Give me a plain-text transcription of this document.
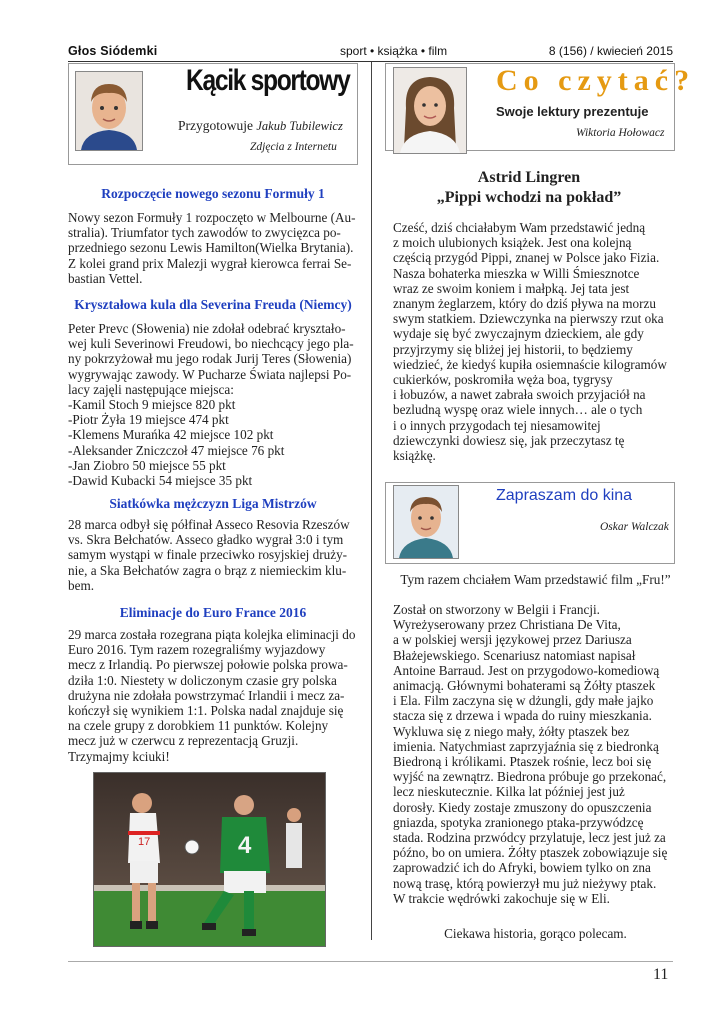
Głos Siódemki	sport • książka • film	8 (156) / kwiecień 2015
Kącik sportowy
Przygotowuje Jakub Tubilewicz
Zdjęcia z Internetu
Rozpoczęcie nowego sezonu Formuły 1
Nowy sezon Formuły 1 rozpoczęto w Melbourne (Au-
stralia). Triumfator tych zawodów to zwycięzca po-
przedniego sezonu Lewis Hamilton(Wielka Brytania).
Z kolei grand prix Malezji wygrał kierowca ferrai Se-
bastian Vettel.
Kryształowa kula dla Severina Freuda (Niemcy)
Peter Prevc (Słowenia) nie zdołał odebrać kryształo-
wej kuli Severinowi Freudowi, bo niechcący jego pla-
ny pokrzyżował mu jego rodak Jurij Teres (Słowenia)
wygrywając zawody. W Pucharze Świata najlepsi Po-
lacy zajęli następujące miejsca:
-Kamil Stoch 9 miejsce 820 pkt
-Piotr Żyła 19 miejsce 474 pkt
-Klemens Murańka 42 miejsce 102 pkt
-Aleksander Zniczczoł 47 miejsce 76 pkt
-Jan Ziobro 50 miejsce 55 pkt
-Dawid Kubacki 54 miejsce 35 pkt
Siatkówka mężczyzn Liga Mistrzów
28 marca odbył się półfinał Asseco Resovia Rzeszów
vs. Skra Bełchatów. Asseco gładko wygrał 3:0 i tym
samym wystąpi w finale przeciwko rosyjskiej druży-
nie, a Ska Bełchatów zagra o brąz z niemieckim klu-
bem.
Eliminacje do Euro France 2016
29 marca została rozegrana piąta kolejka eliminacji do
Euro 2016. Tym razem rozegraliśmy wyjazdowy
mecz z Irlandią. Po pierwszej połowie polska prowa-
dziła 1:0. Niestety w doliczonym czasie gry polska
drużyna nie zdołała powstrzymać Irlandii i mecz za-
kończył się wynikiem 1:1. Polska nadal znajduje się
na czele grupy z dorobkiem 11 punktów. Kolejny
mecz już w czerwcu z reprezentacją Gruzji.
Trzymajmy kciuki!
17	4
Co czytać?
Swoje lektury prezentuje
Wiktoria Hołowacz
Astrid Lingren
„Pippi wchodzi na pokład”
Cześć, dziś chciałabym Wam przedstawić jedną
z moich ulubionych książek. Jest ona kolejną
częścią przygód Pippi, znanej w Polsce jako Fizia.
Nasza bohaterka mieszka w Willi Śmiesznotce
wraz ze swoim koniem i małpką. Jej tata jest
znanym żeglarzem, który do dziś pływa na morzu
swym statkiem. Dziewczynka na pierwszy rzut oka
wydaje się być zwyczajnym dzieckiem, ale gdy
przyjrzymy się bliżej jej historii, to będziemy
wiedzieć, że kiedyś kupiła osiemnaście kilogramów
cukierków, poskromiła węża boa, tygrysy
i łobuzów, a nawet zabrała swoich przyjaciół na
bezludną wyspę oraz wiele innych… ale o tych
i o innych przygodach tej niesamowitej
dziewczynki dowiesz się, jak przeczytasz tę
książkę.
Zapraszam do kina
Oskar Walczak
Tym razem chciałem Wam przedstawić film „Fru!”
Został on stworzony w Belgii i Francji.
Wyreżyserowany przez Christiana De Vita,
a w polskiej wersji językowej przez Dariusza
Błażejewskiego. Scenariusz natomiast napisał
Antoine Barraud. Jest on przygodowo-komediową
animacją. Głównymi bohaterami są Żółty ptaszek
i Ela. Film zaczyna się w dżungli, gdy małe jajko
stacza się z drzewa i wpada do ruiny mieszkania.
Wykluwa się z niego mały, żółty ptaszek bez
imienia. Natychmiast zaprzyjaźnia się z biedronką
Biedroną i królikami. Ptaszek rośnie, lecz boi się
wyjść na zewnątrz. Biedrona próbuje go przekonać,
lecz nieskutecznie. Kilka lat później jest już
dorosły. Kiedy zostaje zmuszony do opuszczenia
gniazda, spotyka zranionego ptaka-przywódzcę
stada. Rodzina przwódcy przylatuje, lecz jest już za
późno, bo on umiera. Żółty ptaszek zobowiązuje się
zaprowadzić ich do Afryki, bowiem tylko on zna
nową trasę, którą powierzył mu już nieżywy ptak.
W trakcie wędrówki zakochuje się w Eli.
Ciekawa historia, gorąco polecam.
11
